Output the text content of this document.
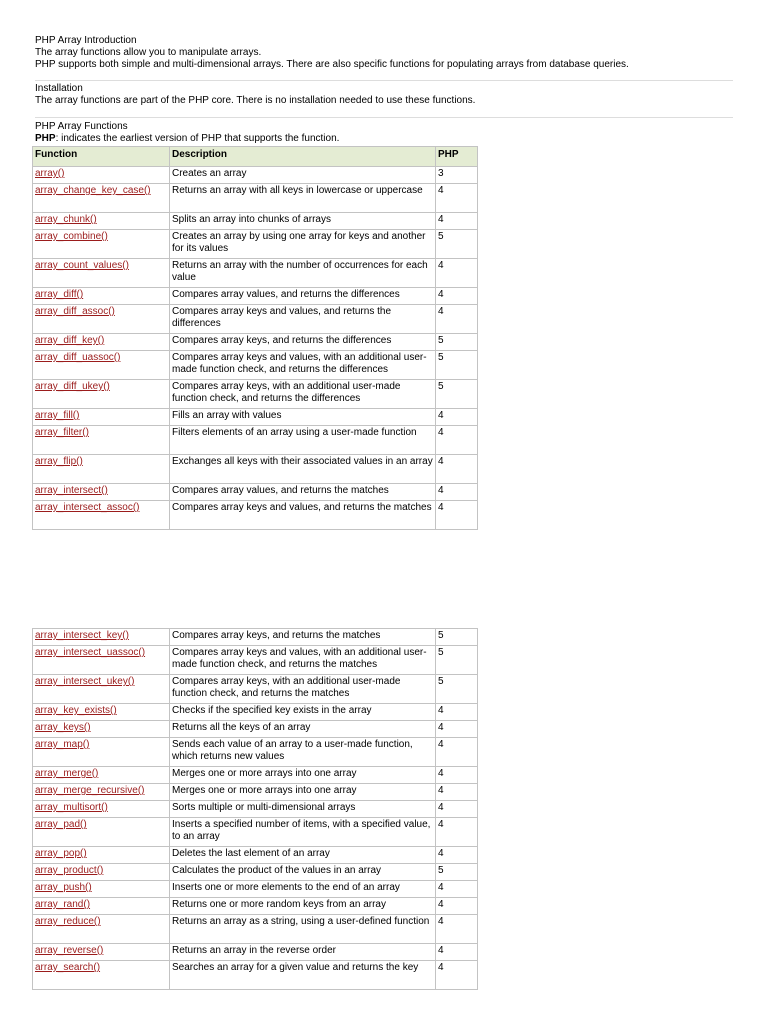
PHP Array Introduction

The array functions allow you to manipulate arrays.

PHP supports both simple and multi-dimensional arrays. There are also specific functions for populating arrays from database queries.

Installation

The array functions are part of the PHP core. There is no installation needed to use these functions.

PHP Array Functions

PHP: indicates the earliest version of PHP that supports the function.

Function	Description	PHP
array()	Creates an array	3
array_change_key_case()	Returns an array with all keys in lowercase or uppercase	4
array_chunk()	Splits an array into chunks of arrays	4
array_combine()	Creates an array by using one array for keys and another for its values	5
array_count_values()	Returns an array with the number of occurrences for each value	4
array_diff()	Compares array values, and returns the differences	4
array_diff_assoc()	Compares array keys and values, and returns the differences	4
array_diff_key()	Compares array keys, and returns the differences	5
array_diff_uassoc()	Compares array keys and values, with an additional user-made function check, and returns the differences	5
array_diff_ukey()	Compares array keys, with an additional user-made function check, and returns the differences	5
array_fill()	Fills an array with values	4
array_filter()	Filters elements of an array using a user-made function	4
array_flip()	Exchanges all keys with their associated values in an array	4
array_intersect()	Compares array values, and returns the matches	4
array_intersect_assoc()	Compares array keys and values, and returns the matches	4
array_intersect_key()	Compares array keys, and returns the matches	5
array_intersect_uassoc()	Compares array keys and values, with an additional user-made function check, and returns the matches	5
array_intersect_ukey()	Compares array keys, with an additional user-made function check, and returns the matches	5
array_key_exists()	Checks if the specified key exists in the array	4
array_keys()	Returns all the keys of an array	4
array_map()	Sends each value of an array to a user-made function, which returns new values	4
array_merge()	Merges one or more arrays into one array	4
array_merge_recursive()	Merges one or more arrays into one array	4
array_multisort()	Sorts multiple or multi-dimensional arrays	4
array_pad()	Inserts a specified number of items, with a specified value, to an array	4
array_pop()	Deletes the last element of an array	4
array_product()	Calculates the product of the values in an array	5
array_push()	Inserts one or more elements to the end of an array	4
array_rand()	Returns one or more random keys from an array	4
array_reduce()	Returns an array as a string, using a user-defined function	4
array_reverse()	Returns an array in the reverse order	4
array_search()	Searches an array for a given value and returns the key	4
